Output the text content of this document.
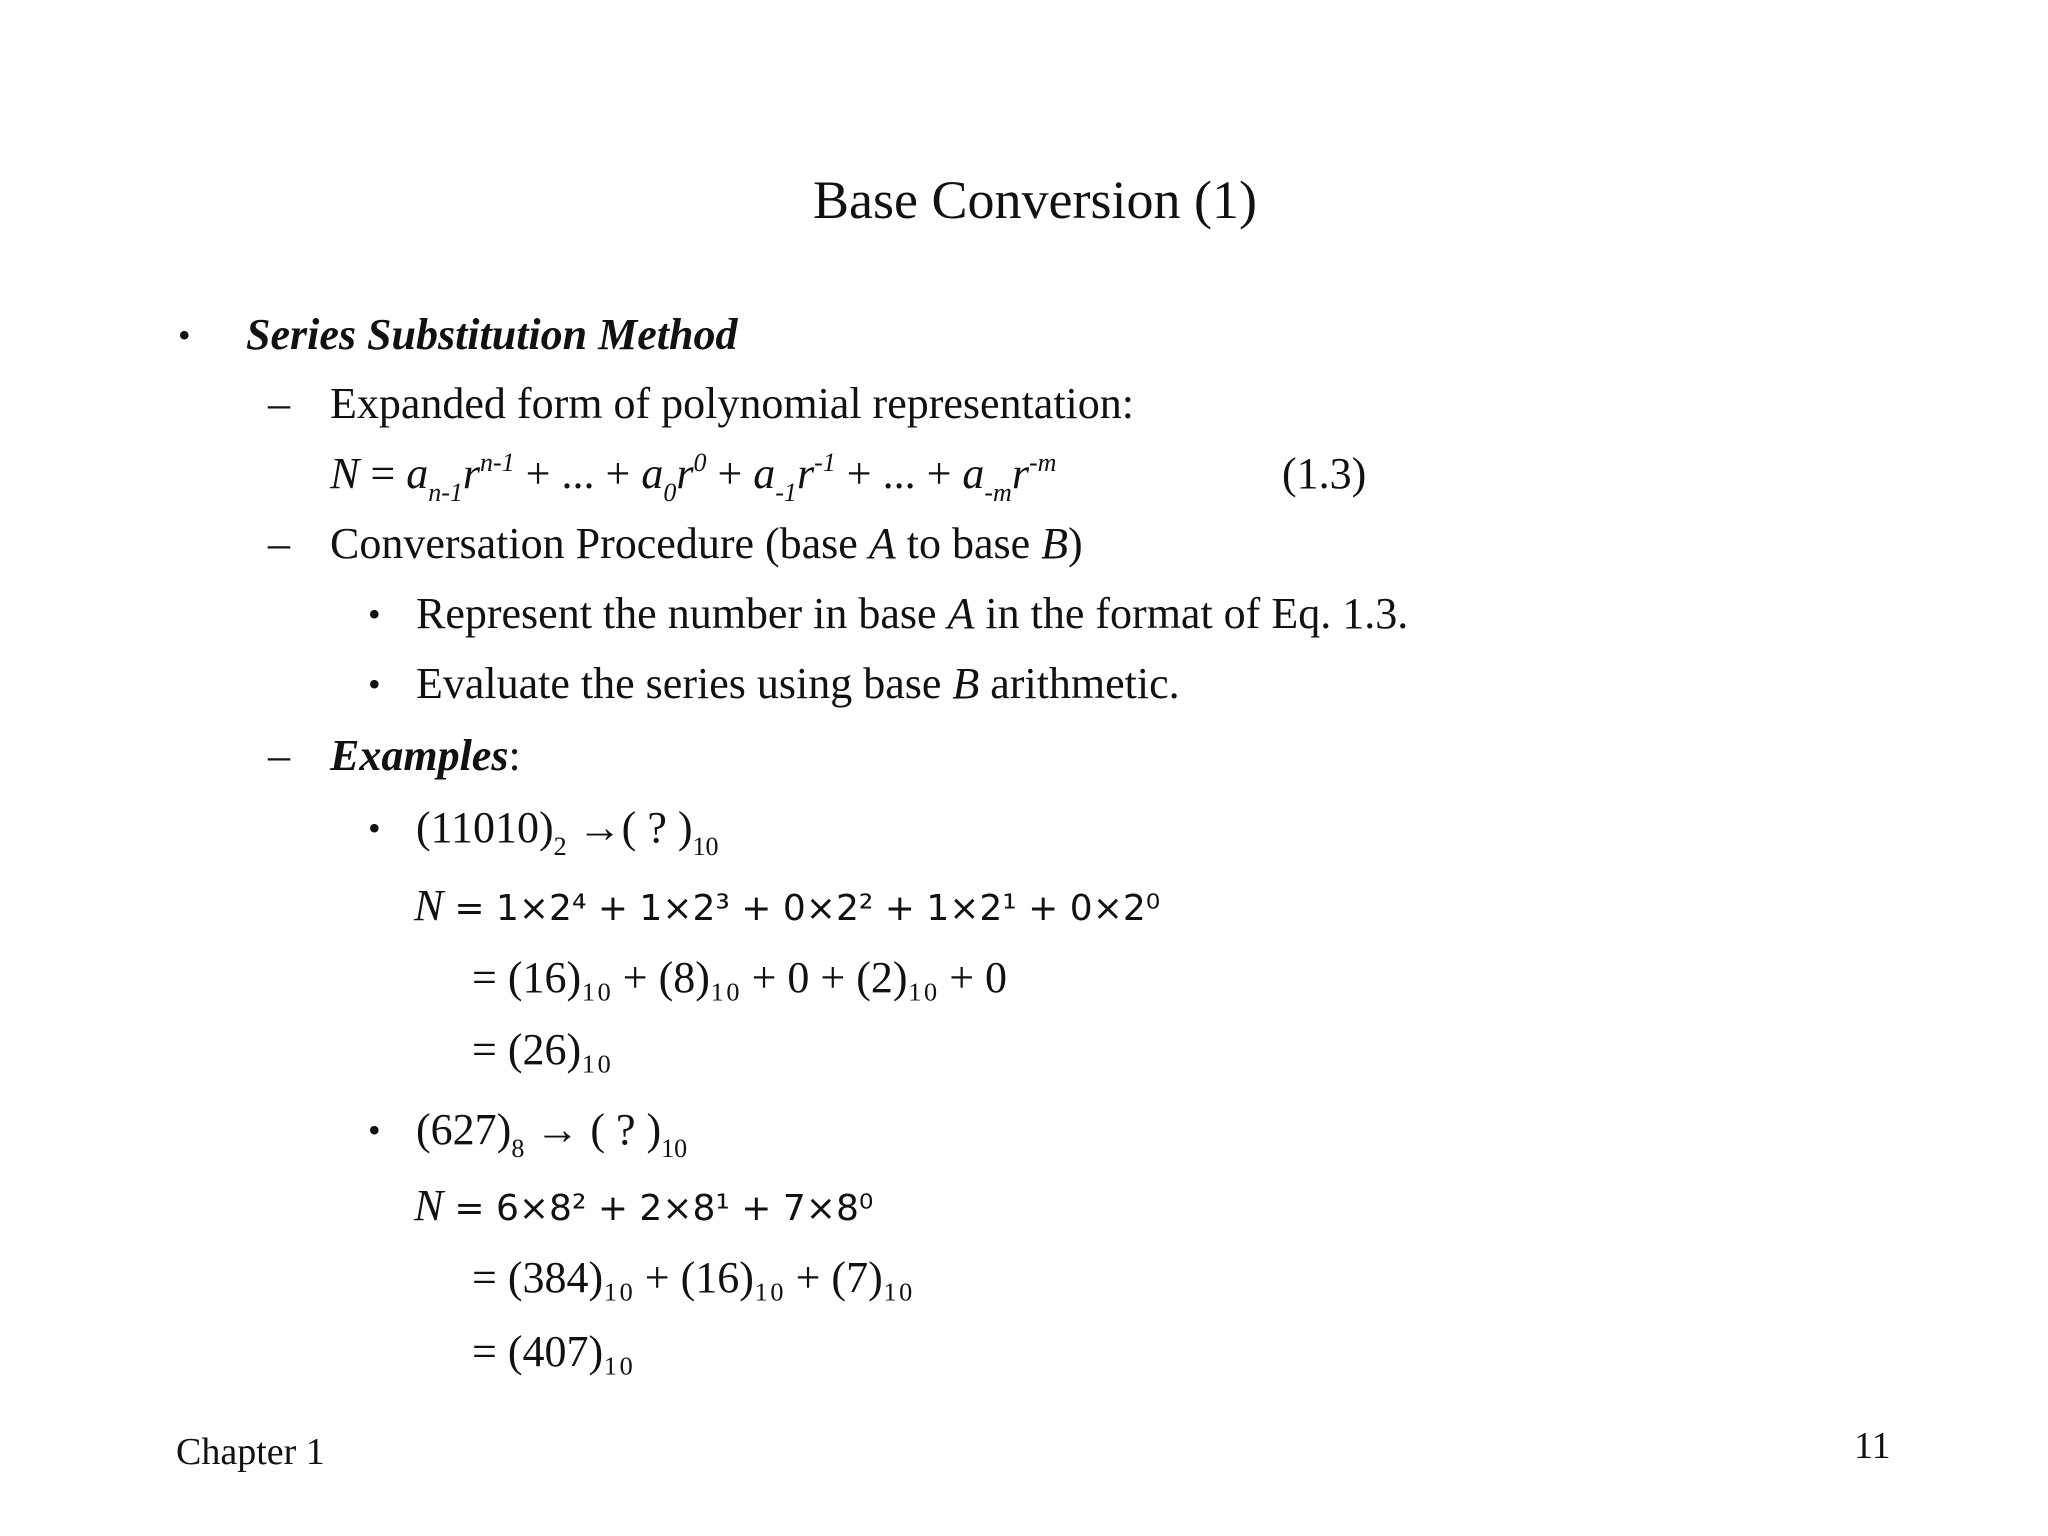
Base Conversion (1)
• Series Substitution Method
– Expanded form of polynomial representation:
$N = a_{n-1}r^{n-1}$ + ... + $a_0r^0 + a_{-1}r^{-1}$ + ... + $a_{-m}r^{-m}$	(1.3)
– Conversation Procedure (base A to base B)
• Represent the number in base A in the format of Eq. 1.3.
• Evaluate the series using base B arithmetic.
– Examples:
• $(11010)_2$ →( ? )$_{10}$
N = 1×2⁴ + 1×2³ + 0×2² + 1×2¹ + 0×2⁰
= (16)₁₀ + (8)₁₀ + 0 + (2)₁₀ + 0
= (26)₁₀
• $(627)_8$ → ( ? )$_{10}$
N = 6×8² + 2×8¹ + 7×8⁰
= (384)₁₀ + (16)₁₀ + (7)₁₀
= (407)₁₀
Chapter 1	11
